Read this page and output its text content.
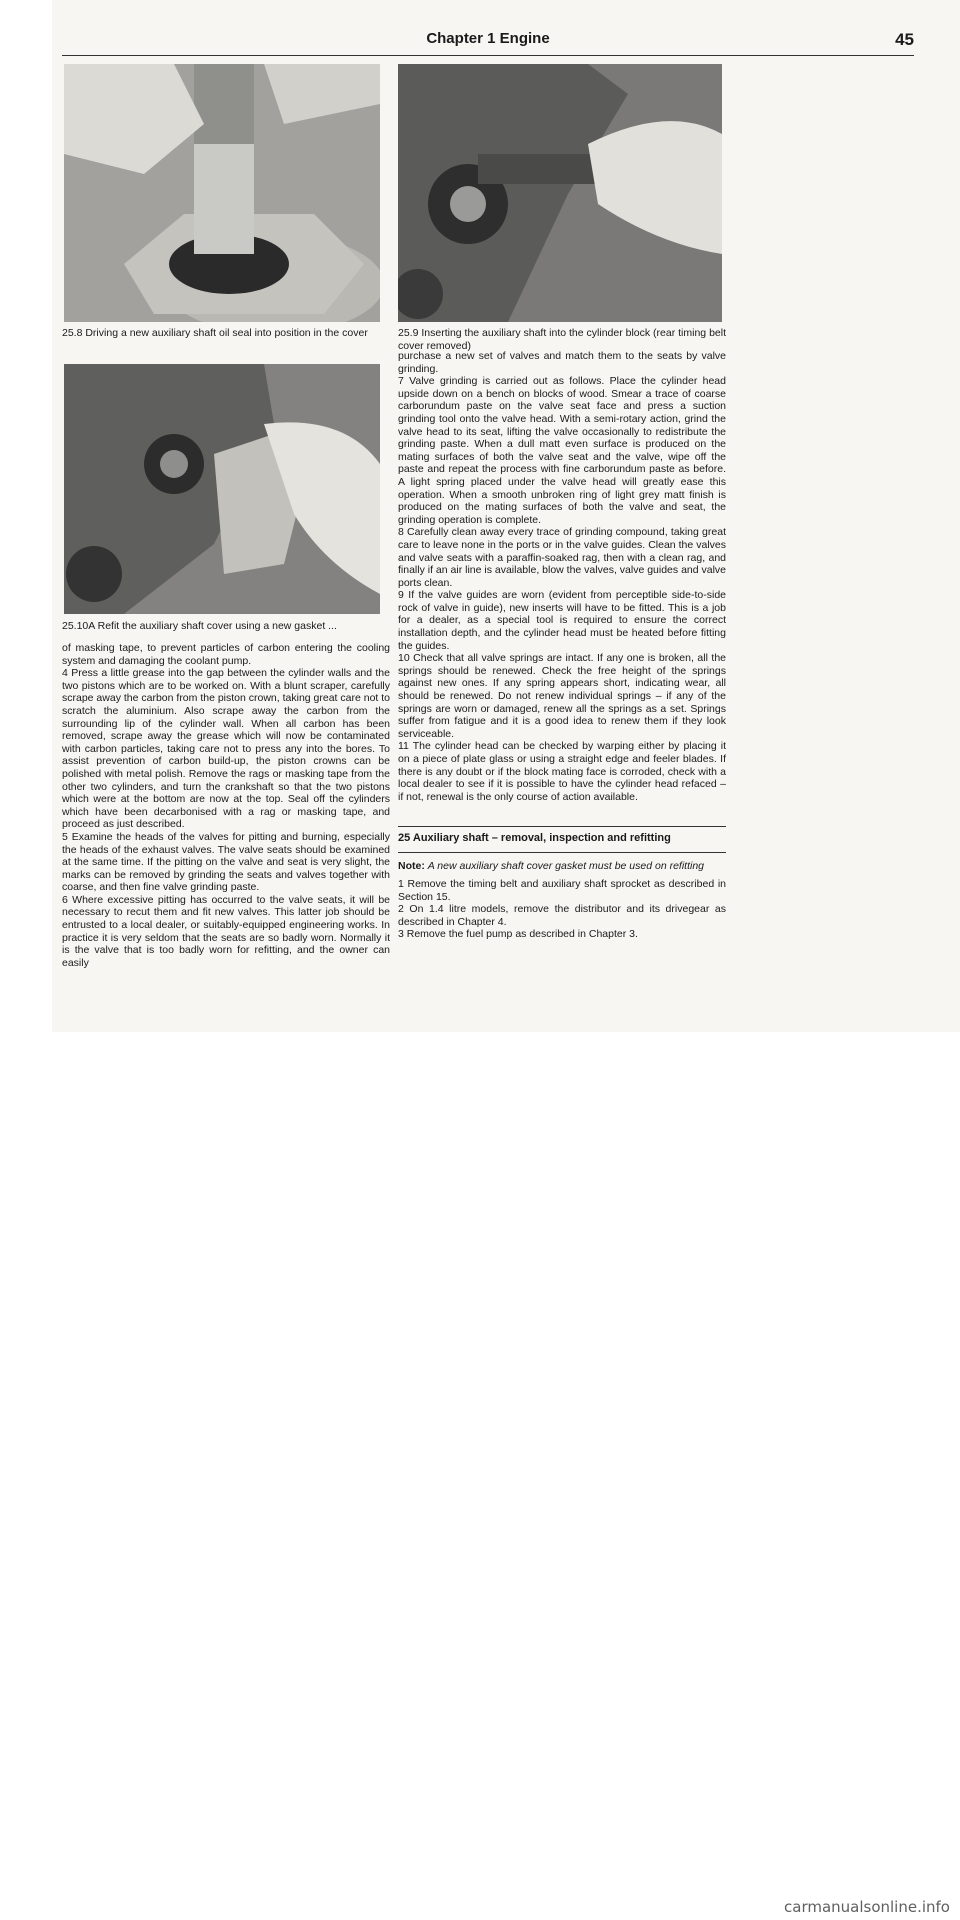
Chapter 1 Engine	45
25.8 Driving a new auxiliary shaft oil seal into position in the cover	25.9 Inserting the auxiliary shaft into the cylinder block (rear timing belt cover removed)
25.10A Refit the auxiliary shaft cover using a new gasket ...

of masking tape, to prevent particles of carbon entering the cooling system and damaging the coolant pump.

4 Press a little grease into the gap between the cylinder walls and the two pistons which are to be worked on. With a blunt scraper, carefully scrape away the carbon from the piston crown, taking great care not to scratch the aluminium. Also scrape away the carbon from the surrounding lip of the cylinder wall. When all carbon has been removed, scrape away the grease which will now be contaminated with carbon particles, taking care not to press any into the bores. To assist prevention of carbon build-up, the piston crowns can be polished with metal polish. Remove the rags or masking tape from the other two cylinders, and turn the crankshaft so that the two pistons which were at the bottom are now at the top. Seal off the cylinders which have been decarbonised with a rag or masking tape, and proceed as just described.

5 Examine the heads of the valves for pitting and burning, especially the heads of the exhaust valves. The valve seats should be examined at the same time. If the pitting on the valve and seat is very slight, the marks can be removed by grinding the seats and valves together with coarse, and then fine valve grinding paste.

6 Where excessive pitting has occurred to the valve seats, it will be necessary to recut them and fit new valves. This latter job should be entrusted to a local dealer, or suitably-equipped engineering works. In practice it is very seldom that the seats are so badly worn. Normally it is the valve that is too badly worn for refitting, and the owner can easily

purchase a new set of valves and match them to the seats by valve grinding.

7 Valve grinding is carried out as follows. Place the cylinder head upside down on a bench on blocks of wood. Smear a trace of coarse carborundum paste on the valve seat face and press a suction grinding tool onto the valve head. With a semi-rotary action, grind the valve head to its seat, lifting the valve occasionally to redistribute the grinding paste. When a dull matt even surface is produced on the mating surfaces of both the valve seat and the valve, wipe off the paste and repeat the process with fine carborundum paste as before. A light spring placed under the valve head will greatly ease this operation. When a smooth unbroken ring of light grey matt finish is produced on the mating surfaces of both the valve and seat, the grinding operation is complete.

8 Carefully clean away every trace of grinding compound, taking great care to leave none in the ports or in the valve guides. Clean the valves and valve seats with a paraffin-soaked rag, then with a clean rag, and finally if an air line is available, blow the valves, valve guides and valve ports clean.

9 If the valve guides are worn (evident from perceptible side-to-side rock of valve in guide), new inserts will have to be fitted. This is a job for a dealer, as a special tool is required to ensure the correct installation depth, and the cylinder head must be heated before fitting the guides.

10 Check that all valve springs are intact. If any one is broken, all the springs should be renewed. Check the free height of the springs against new ones. If any spring appears short, indicating wear, all should be renewed. Do not renew individual springs – if any of the springs are worn or damaged, renew all the springs as a set. Springs suffer from fatigue and it is a good idea to renew them if they look serviceable.

11 The cylinder head can be checked by warping either by placing it on a piece of plate glass or using a straight edge and feeler blades. If there is any doubt or if the block mating face is corroded, check with a local dealer to see if it is possible to have the cylinder head refaced – if not, renewal is the only course of action available.

25 Auxiliary shaft – removal, inspection and refitting
Note: A new auxiliary shaft cover gasket must be used on refitting

1 Remove the timing belt and auxiliary shaft sprocket as described in Section 15.

2 On 1.4 litre models, remove the distributor and its drivegear as described in Chapter 4.

3 Remove the fuel pump as described in Chapter 3.

carmanualsonline.info
